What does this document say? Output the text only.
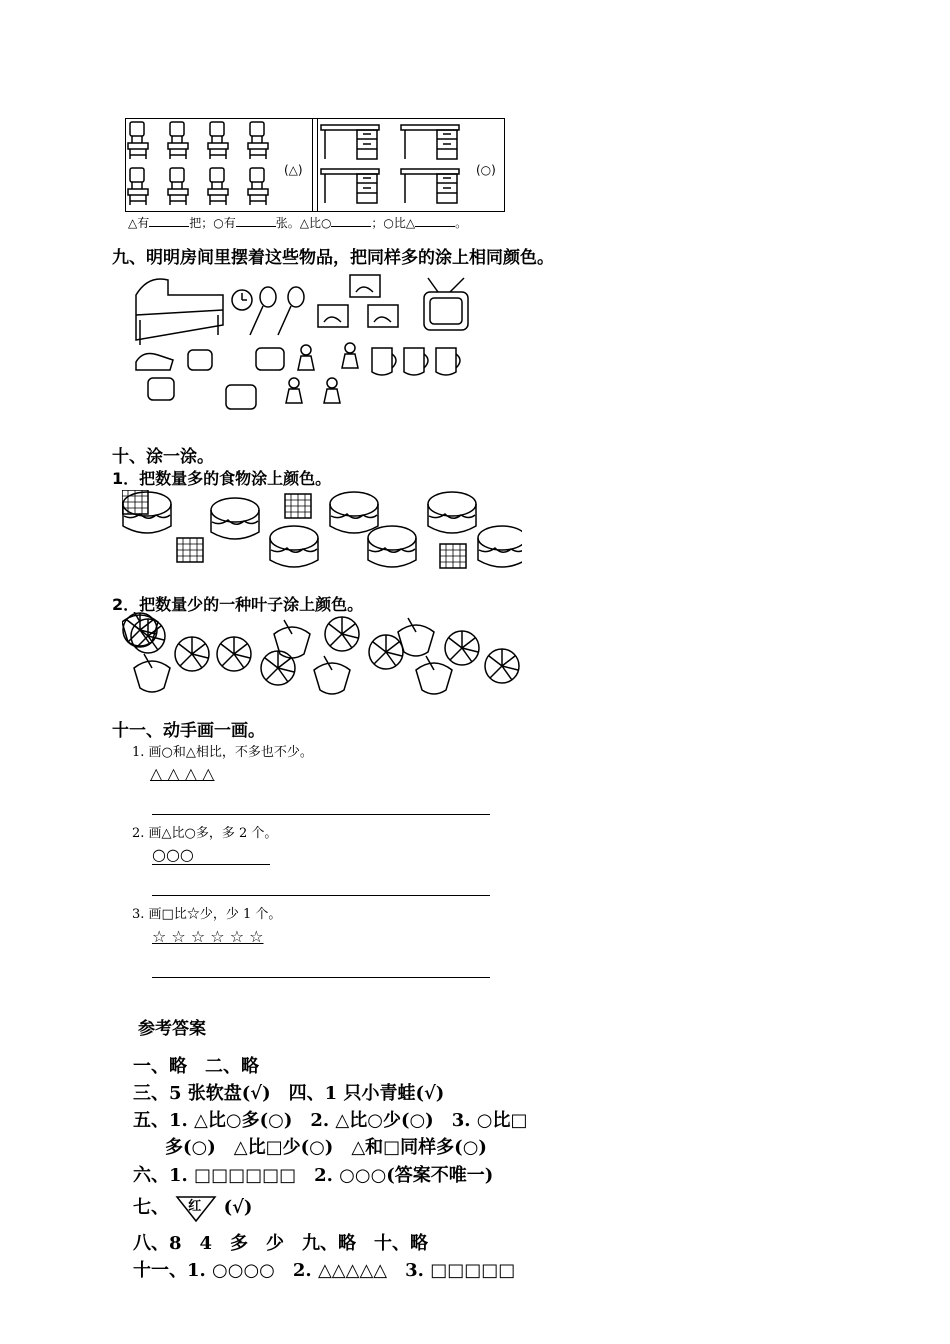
(△)	(○)
△有	把；○有	张。△比○	；○比△	。
九、明明房间里摆着这些物品，把同样多的涂上相同颜色。
十、涂一涂。
1．把数量多的食物涂上颜色。
2．把数量少的一种叶子涂上颜色。
十一、动手画一画。
1. 画○和△相比，不多也不少。
△ △ △ △
2. 画△比○多，多 2 个。
○○○
3. 画□比☆少，少 1 个。
☆ ☆ ☆ ☆ ☆ ☆
参考答案
一、略　二、略
三、5 张软盘(√)　四、1 只小青蛙(√)
五、1. △比○多(○)　2. △比○少(○)　3. ○比□
多(○)　△比□少(○)　△和□同样多(○)
六、1. □□□□□□　2. ○○○(答案不唯一)
七、 红 (√)
八、8　4　多　少　九、略　十、略
十一、1. ○○○○　2. △△△△△　3. □□□□□
